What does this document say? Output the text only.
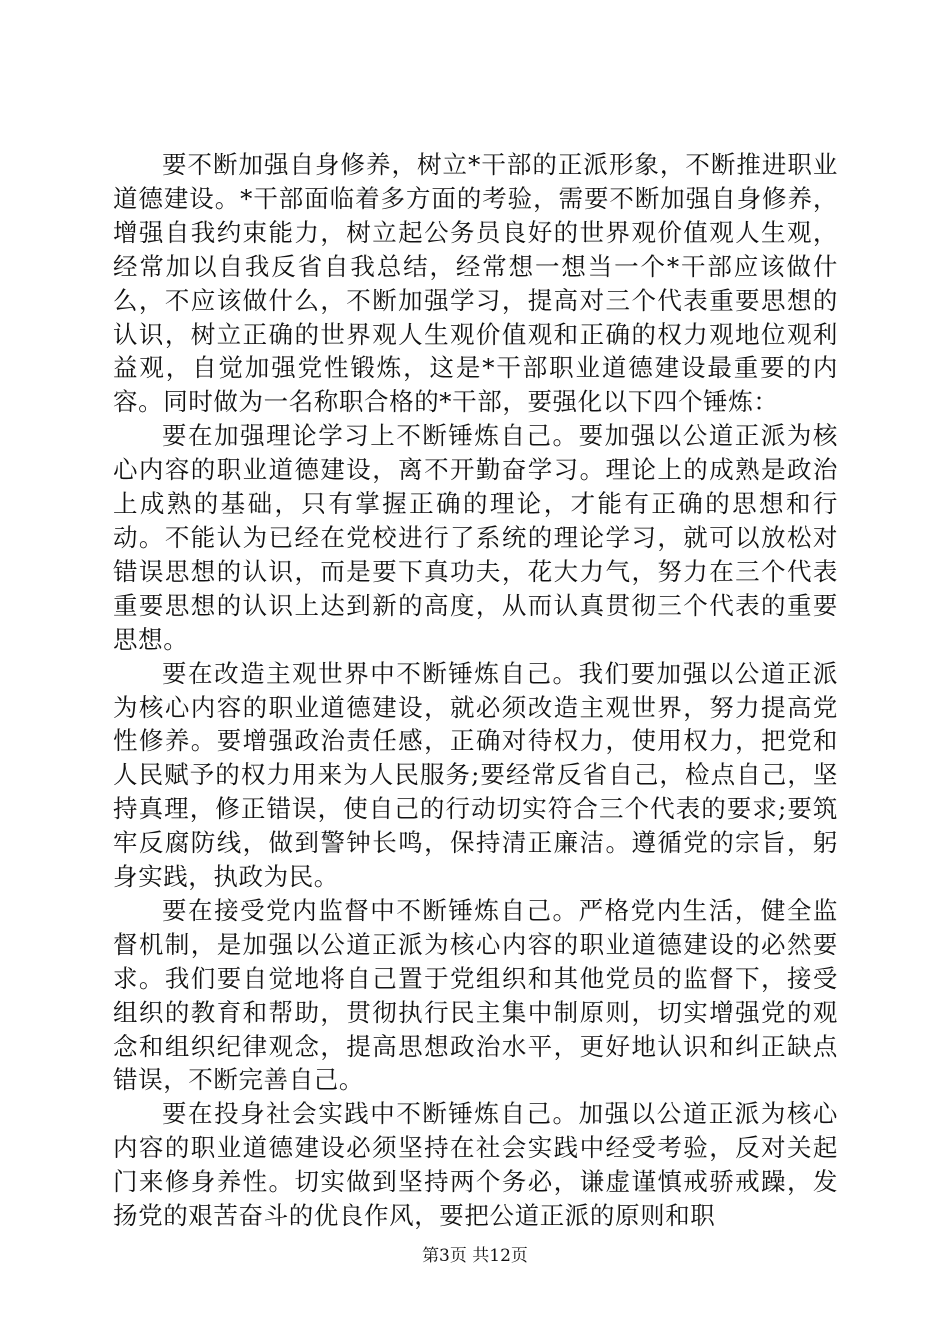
要不断加强自身修养，树立*干部的正派形象，不断推进职业道德建设。*干部面临着多方面的考验，需要不断加强自身修养，增强自我约束能力，树立起公务员良好的世界观价值观人生观，经常加以自我反省自我总结，经常想一想当一个*干部应该做什么，不应该做什么，不断加强学习，提高对三个代表重要思想的认识，树立正确的世界观人生观价值观和正确的权力观地位观利益观，自觉加强党性锻炼，这是*干部职业道德建设最重要的内容。同时做为一名称职合格的*干部，要强化以下四个锤炼：

要在加强理论学习上不断锤炼自己。要加强以公道正派为核心内容的职业道德建设，离不开勤奋学习。理论上的成熟是政治上成熟的基础，只有掌握正确的理论，才能有正确的思想和行动。不能认为已经在党校进行了系统的理论学习，就可以放松对错误思想的认识，而是要下真功夫，花大力气，努力在三个代表重要思想的认识上达到新的高度，从而认真贯彻三个代表的重要思想。

要在改造主观世界中不断锤炼自己。我们要加强以公道正派为核心内容的职业道德建设，就必须改造主观世界，努力提高党性修养。要增强政治责任感，正确对待权力，使用权力，把党和人民赋予的权力用来为人民服务;要经常反省自己，检点自己，坚持真理，修正错误，使自己的行动切实符合三个代表的要求;要筑牢反腐防线，做到警钟长鸣，保持清正廉洁。遵循党的宗旨，躬身实践，执政为民。

要在接受党内监督中不断锤炼自己。严格党内生活，健全监督机制，是加强以公道正派为核心内容的职业道德建设的必然要求。我们要自觉地将自己置于党组织和其他党员的监督下，接受组织的教育和帮助，贯彻执行民主集中制原则，切实增强党的观念和组织纪律观念，提高思想政治水平，更好地认识和纠正缺点错误，不断完善自己。

要在投身社会实践中不断锤炼自己。加强以公道正派为核心内容的职业道德建设必须坚持在社会实践中经受考验，反对关起门来修身养性。切实做到坚持两个务必，谦虚谨慎戒骄戒躁，发扬党的艰苦奋斗的优良作风，要把公道正派的原则和职

第3页 共12页
